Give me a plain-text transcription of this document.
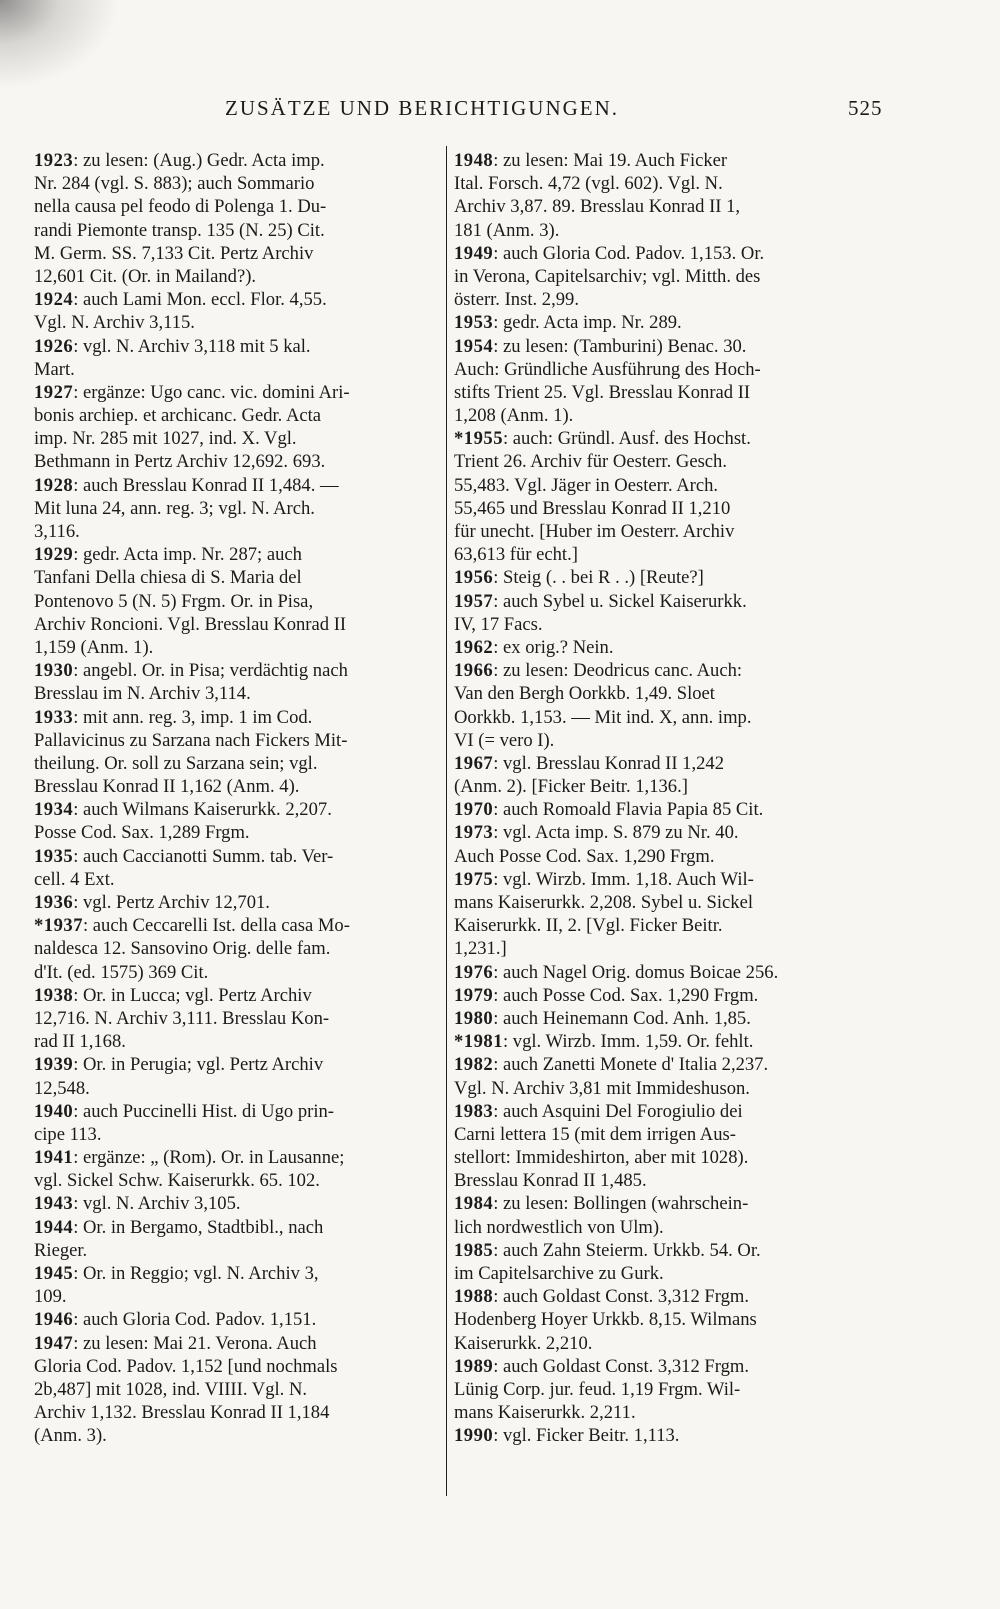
ZUSÄTZE UND BERICHTIGUNGEN.	525
1923: zu lesen: (Aug.) Gedr. Acta imp.
Nr. 284 (vgl. S. 883); auch Sommario
nella causa pel feodo di Polenga 1. Du-
randi Piemonte transp. 135 (N. 25) Cit.
M. Germ. SS. 7,133 Cit. Pertz Archiv
12,601 Cit. (Or. in Mailand?).
1924: auch Lami Mon. eccl. Flor. 4,55.
Vgl. N. Archiv 3,115.
1926: vgl. N. Archiv 3,118 mit 5 kal.
Mart.
1927: ergänze: Ugo canc. vic. domini Ari-
bonis archiep. et archicanc. Gedr. Acta
imp. Nr. 285 mit 1027, ind. X. Vgl.
Bethmann in Pertz Archiv 12,692. 693.
1928: auch Bresslau Konrad II 1,484. —
Mit luna 24, ann. reg. 3; vgl. N. Arch.
3,116.
1929: gedr. Acta imp. Nr. 287; auch
Tanfani Della chiesa di S. Maria del
Pontenovo 5 (N. 5) Frgm. Or. in Pisa,
Archiv Roncioni. Vgl. Bresslau Konrad II
1,159 (Anm. 1).
1930: angebl. Or. in Pisa; verdächtig nach
Bresslau im N. Archiv 3,114.
1933: mit ann. reg. 3, imp. 1 im Cod.
Pallavicinus zu Sarzana nach Fickers Mit-
theilung. Or. soll zu Sarzana sein; vgl.
Bresslau Konrad II 1,162 (Anm. 4).
1934: auch Wilmans Kaiserurkk. 2,207.
Posse Cod. Sax. 1,289 Frgm.
1935: auch Caccianotti Summ. tab. Ver-
cell. 4 Ext.
1936: vgl. Pertz Archiv 12,701.
*1937: auch Ceccarelli Ist. della casa Mo-
naldesca 12. Sansovino Orig. delle fam.
d'It. (ed. 1575) 369 Cit.
1938: Or. in Lucca; vgl. Pertz Archiv
12,716. N. Archiv 3,111. Bresslau Kon-
rad II 1,168.
1939: Or. in Perugia; vgl. Pertz Archiv
12,548.
1940: auch Puccinelli Hist. di Ugo prin-
cipe 113.
1941: ergänze: „ (Rom). Or. in Lausanne;
vgl. Sickel Schw. Kaiserurkk. 65. 102.
1943: vgl. N. Archiv 3,105.
1944: Or. in Bergamo, Stadtbibl., nach
Rieger.
1945: Or. in Reggio; vgl. N. Archiv 3,
109.
1946: auch Gloria Cod. Padov. 1,151.
1947: zu lesen: Mai 21. Verona. Auch
Gloria Cod. Padov. 1,152 [und nochmals
2b,487] mit 1028, ind. VIIII. Vgl. N.
Archiv 1,132. Bresslau Konrad II 1,184
(Anm. 3).
1948: zu lesen: Mai 19. Auch Ficker
Ital. Forsch. 4,72 (vgl. 602). Vgl. N.
Archiv 3,87. 89. Bresslau Konrad II 1,
181 (Anm. 3).
1949: auch Gloria Cod. Padov. 1,153. Or.
in Verona, Capitelsarchiv; vgl. Mitth. des
österr. Inst. 2,99.
1953: gedr. Acta imp. Nr. 289.
1954: zu lesen: (Tamburini) Benac. 30.
Auch: Gründliche Ausführung des Hoch-
stifts Trient 25. Vgl. Bresslau Konrad II
1,208 (Anm. 1).
*1955: auch: Gründl. Ausf. des Hochst.
Trient 26. Archiv für Oesterr. Gesch.
55,483. Vgl. Jäger in Oesterr. Arch.
55,465 und Bresslau Konrad II 1,210
für unecht. [Huber im Oesterr. Archiv
63,613 für echt.]
1956: Steig (. . bei R . .) [Reute?]
1957: auch Sybel u. Sickel Kaiserurkk.
IV, 17 Facs.
1962: ex orig.? Nein.
1966: zu lesen: Deodricus canc. Auch:
Van den Bergh Oorkkb. 1,49. Sloet
Oorkkb. 1,153. — Mit ind. X, ann. imp.
VI (= vero I).
1967: vgl. Bresslau Konrad II 1,242
(Anm. 2). [Ficker Beitr. 1,136.]
1970: auch Romoald Flavia Papia 85 Cit.
1973: vgl. Acta imp. S. 879 zu Nr. 40.
Auch Posse Cod. Sax. 1,290 Frgm.
1975: vgl. Wirzb. Imm. 1,18. Auch Wil-
mans Kaiserurkk. 2,208. Sybel u. Sickel
Kaiserurkk. II, 2. [Vgl. Ficker Beitr.
1,231.]
1976: auch Nagel Orig. domus Boicae 256.
1979: auch Posse Cod. Sax. 1,290 Frgm.
1980: auch Heinemann Cod. Anh. 1,85.
*1981: vgl. Wirzb. Imm. 1,59. Or. fehlt.
1982: auch Zanetti Monete d' Italia 2,237.
Vgl. N. Archiv 3,81 mit Immideshuson.
1983: auch Asquini Del Forogiulio dei
Carni lettera 15 (mit dem irrigen Aus-
stellort: Immideshirton, aber mit 1028).
Bresslau Konrad II 1,485.
1984: zu lesen: Bollingen (wahrschein-
lich nordwestlich von Ulm).
1985: auch Zahn Steierm. Urkkb. 54. Or.
im Capitelsarchive zu Gurk.
1988: auch Goldast Const. 3,312 Frgm.
Hodenberg Hoyer Urkkb. 8,15. Wilmans
Kaiserurkk. 2,210.
1989: auch Goldast Const. 3,312 Frgm.
Lünig Corp. jur. feud. 1,19 Frgm. Wil-
mans Kaiserurkk. 2,211.
1990: vgl. Ficker Beitr. 1,113.
